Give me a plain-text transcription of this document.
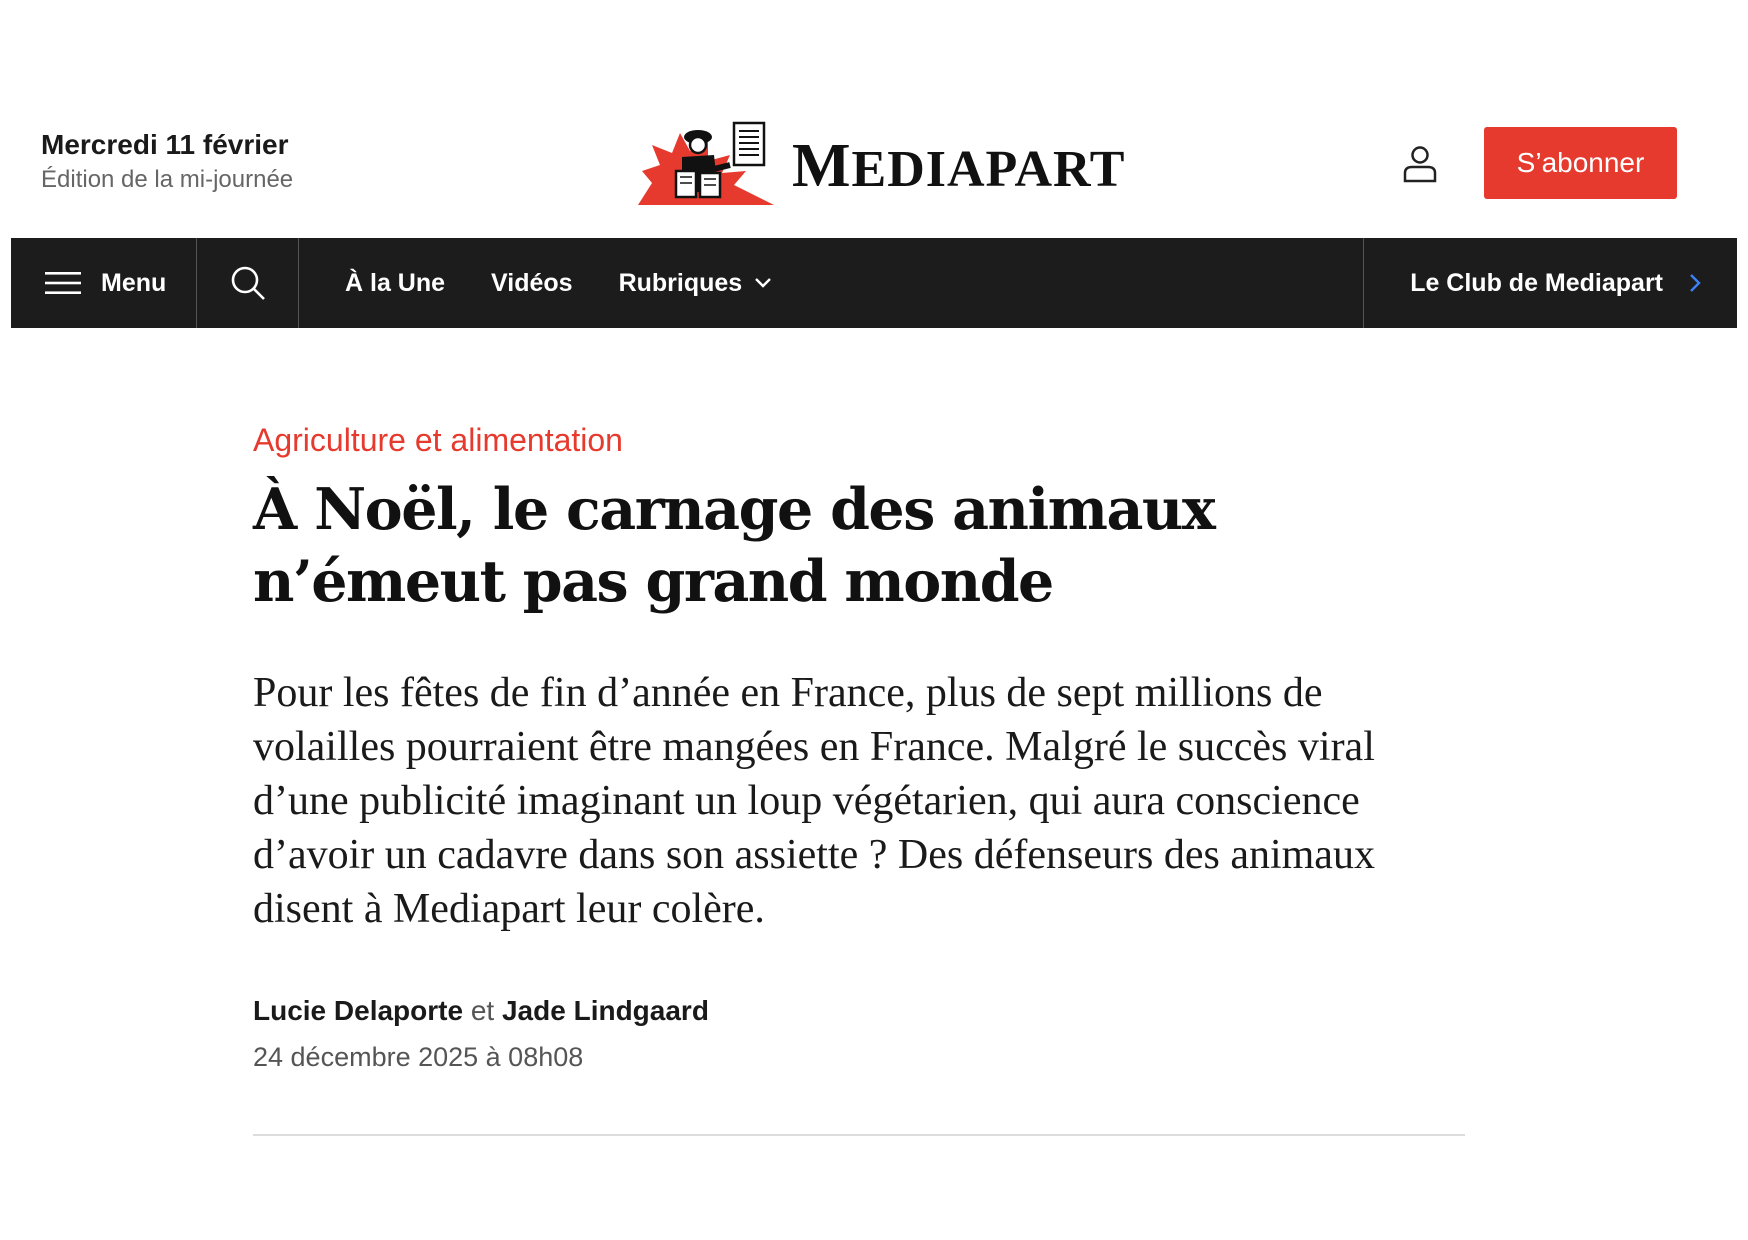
Mercredi 11 février
Édition de la mi-journée	MEDIAPART	S’abonner
Menu	À la Une Vidéos Rubriques	Le Club de Mediapart
Agriculture et alimentation
À Noël, le carnage des animaux n’émeut pas grand monde
Pour les fêtes de fin d’année en France, plus de sept millions de volailles pourraient être mangées en France. Malgré le succès viral d’une publicité imaginant un loup végétarien, qui aura conscience d’avoir un cadavre dans son assiette ? Des défenseurs des animaux disent à Mediapart leur colère.
Lucie Delaporte et Jade Lindgaard
24 décembre 2025 à 08h08
